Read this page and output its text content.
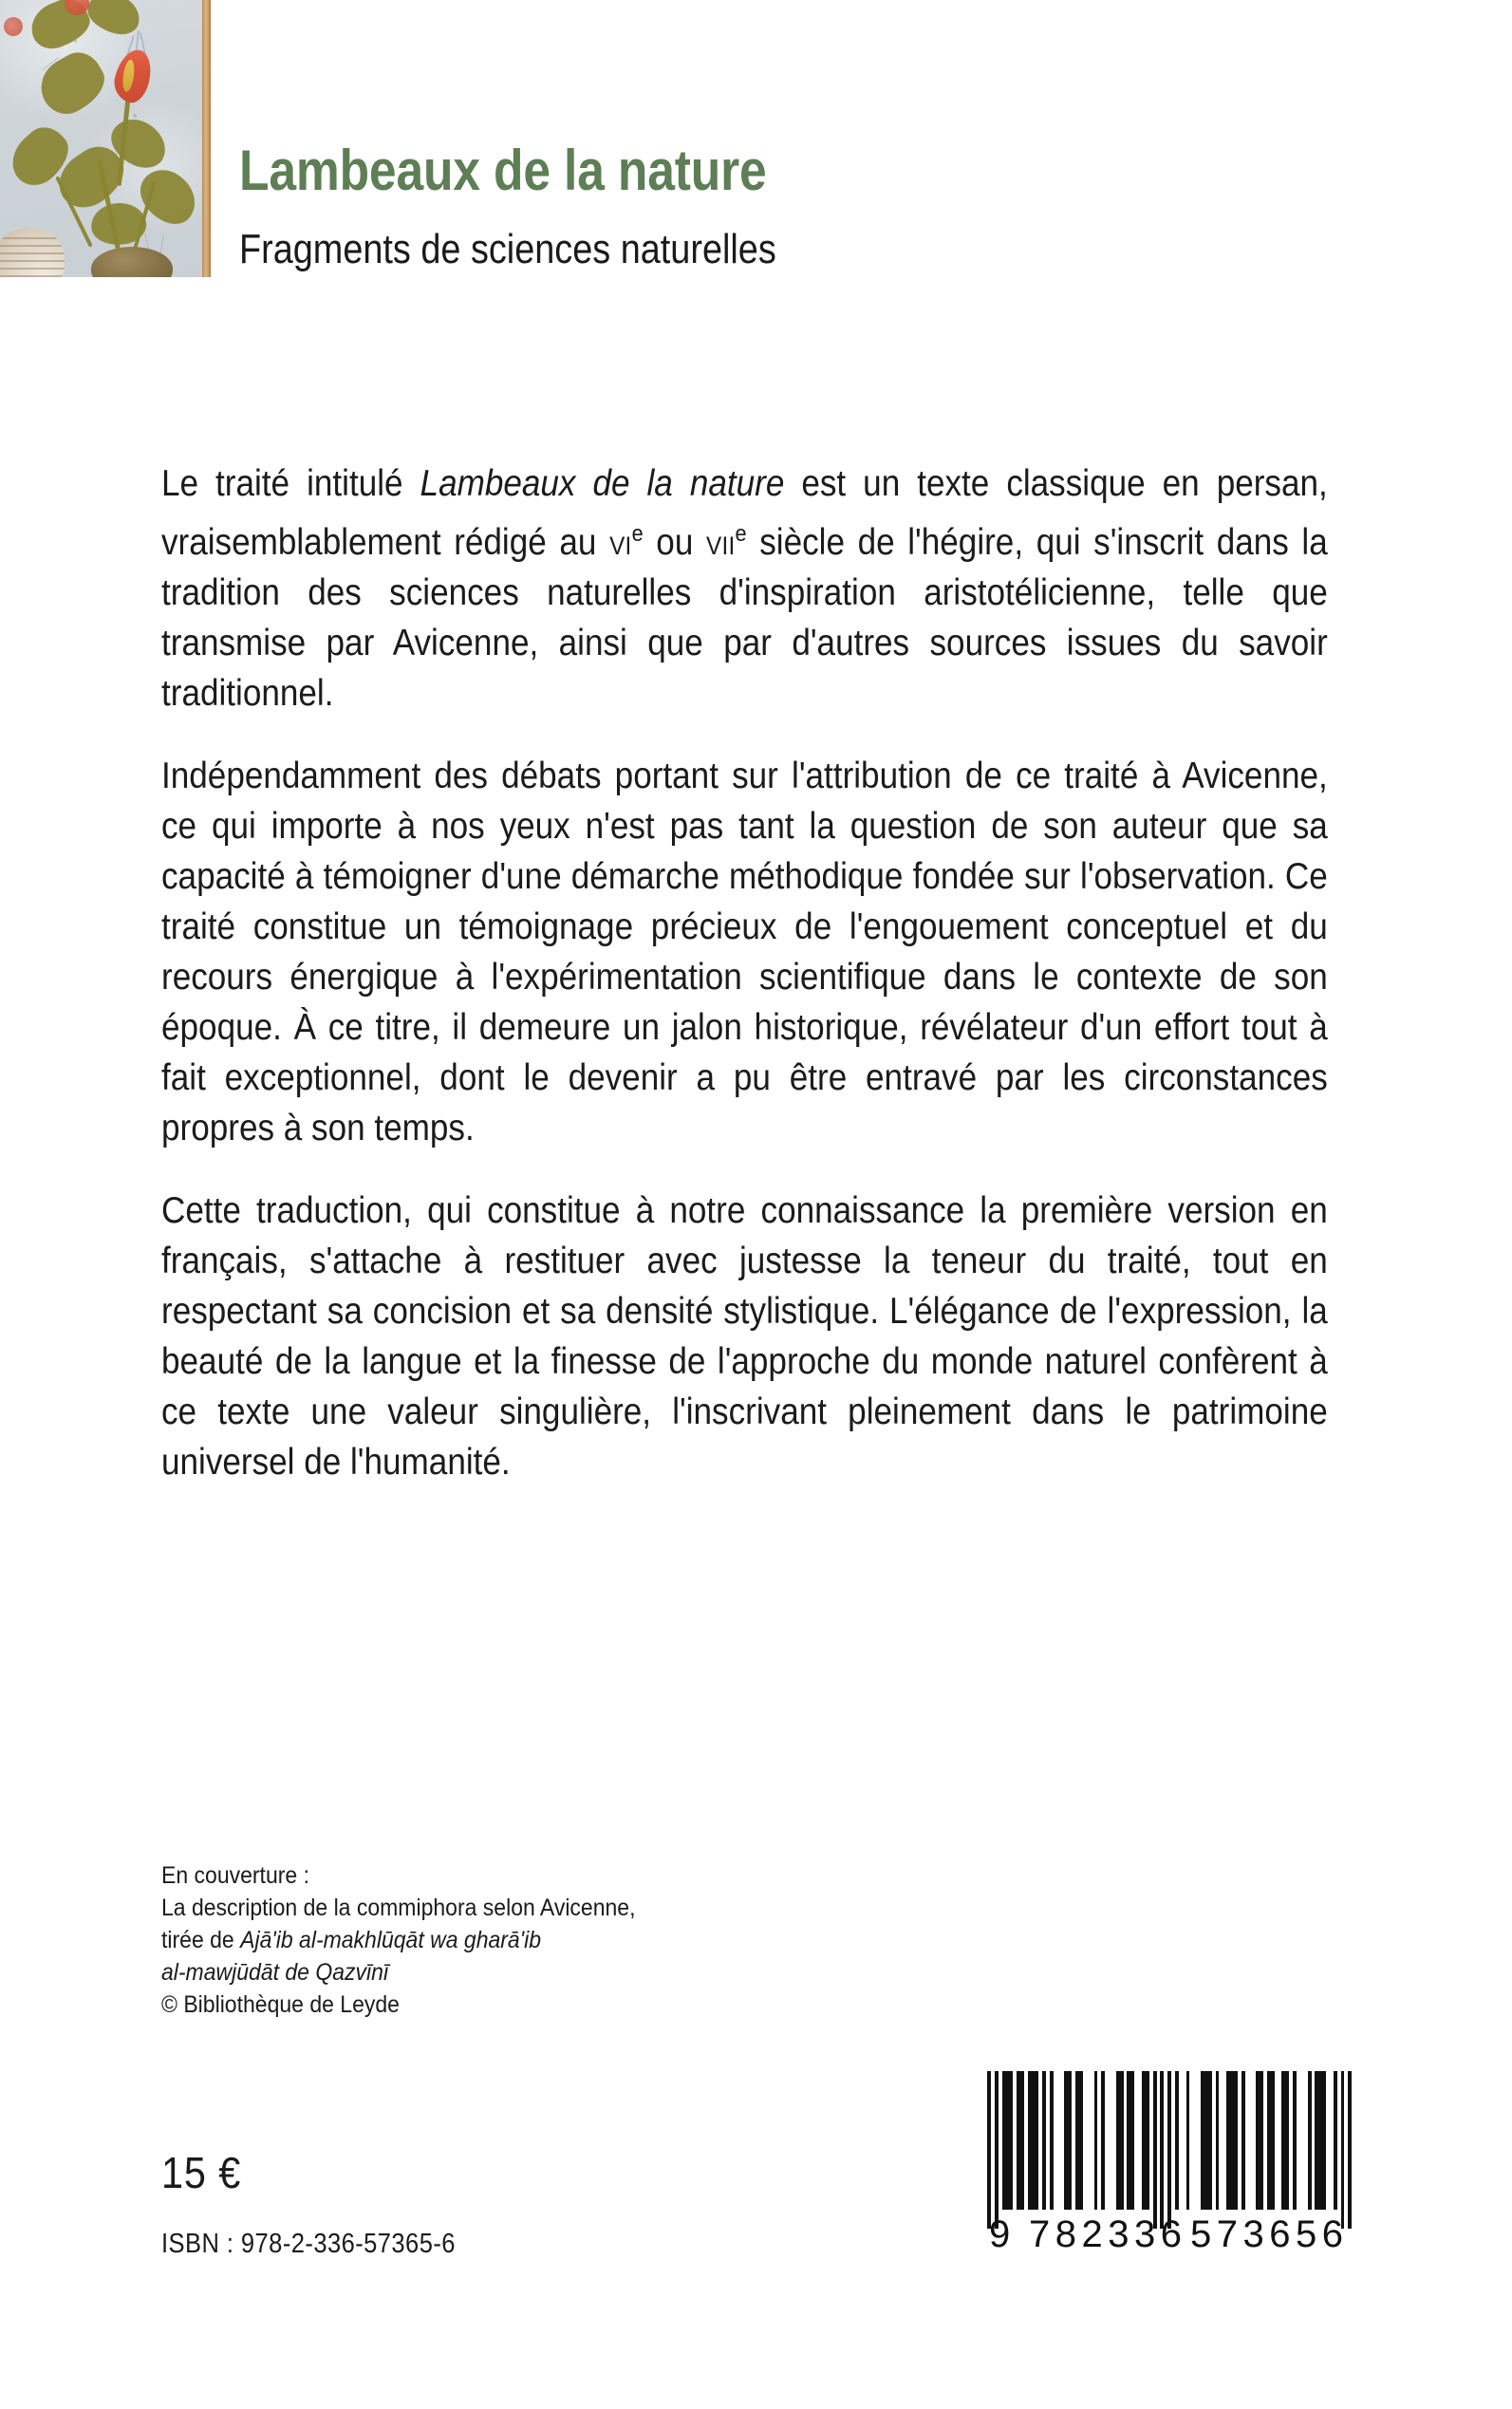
Lambeaux de la nature
Fragments de sciences naturelles

Le traité intitulé Lambeaux de la nature est un texte classique en persan, vraisemblablement rédigé au $vi^e$ ou vii$^e$ siècle de l'hégire, qui s'inscrit dans la tradition des sciences naturelles d'inspiration aristotélicienne, telle que transmise par Avicenne, ainsi que par d'autres sources issues du savoir traditionnel.

Indépendamment des débats portant sur l'attribution de ce traité à Avicenne, ce qui importe à nos yeux n'est pas tant la question de son auteur que sa capacité à témoigner d'une démarche méthodique fondée sur l'observation. Ce traité constitue un témoignage précieux de l'engouement conceptuel et du recours énergique à l'expérimentation scientifique dans le contexte de son époque. À ce titre, il demeure un jalon historique, révélateur d'un effort tout à fait exceptionnel, dont le devenir a pu être entravé par les circonstances propres à son temps.

Cette traduction, qui constitue à notre connaissance la première version en français, s'attache à restituer avec justesse la teneur du traité, tout en respectant sa concision et sa densité stylistique. L'élégance de l'expression, la beauté de la langue et la finesse de l'approche du monde naturel confèrent à ce texte une valeur singulière, l'inscrivant pleinement dans le patrimoine universel de l'humanité.

En couverture :
La description de la commiphora selon Avicenne,
tirée de Ajā'ib al-makhlūqāt wa gharā'ib
al-mawjūdāt de Qazvīnī
© Bibliothèque de Leyde
15 €
ISBN : 978-2-336-57365-6	9 782336 573656
